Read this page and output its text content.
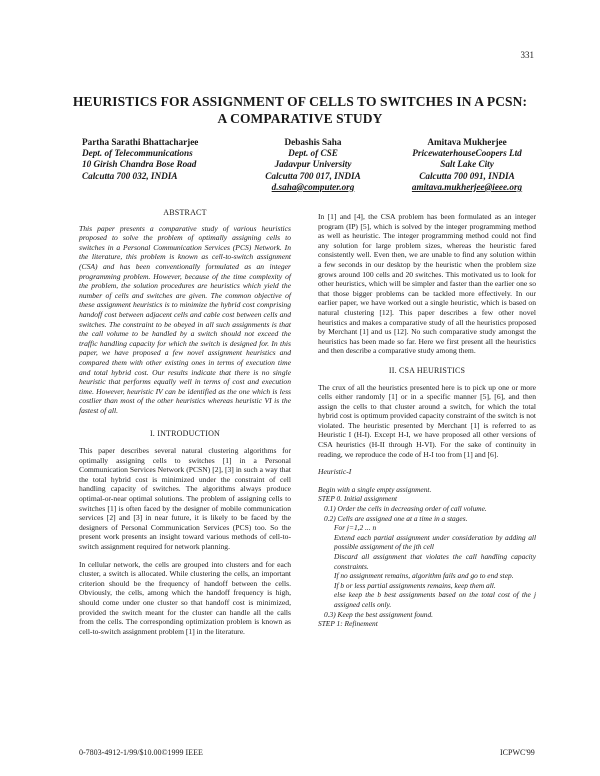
331
HEURISTICS FOR ASSIGNMENT OF CELLS TO SWITCHES IN A PCSN:
A COMPARATIVE STUDY
Partha Sarathi Bhattacharjee
Dept. of Telecommunications
10 Girish Chandra Bose Road
Calcutta 700 032, INDIA
Debashis Saha
Dept. of CSE
Jadavpur University
Calcutta 700 017, INDIA
d.saha@computer.org
Amitava Mukherjee
PricewaterhouseCoopers Ltd
Salt Lake City
Calcutta 700 091, INDIA
amitava.mukherjee@ieee.org
ABSTRACT
This paper presents a comparative study of various heuristics proposed to solve the problem of optimally assigning cells to switches in a Personal Communication Services (PCS) Network. In the literature, this problem is known as cell-to-switch assignment (CSA) and has been conventionally formulated as an integer programming problem. However, because of the time complexity of the problem, the solution procedures are heuristics which yield the number of cells and switches are given. The common objective of these assignment heuristics is to minimize the hybrid cost comprising handoff cost between adjacent cells and cable cost between cells and switches. The constraint to be obeyed in all such assignments is that the call volume to be handled by a switch should not exceed the traffic handling capacity for which the switch is designed for. In this paper, we have proposed a few novel assignment heuristics and compared them with other existing ones in terms of execution time and total hybrid cost. Our results indicate that there is no single heuristic that performs equally well in terms of cost and execution time. However, heuristic IV can be identified as the one which is less costlier than most of the other heuristics whereas heuristic VI is the fastest of all.
I. INTRODUCTION
This paper describes several natural clustering algorithms for optimally assigning cells to switches [1] in a Personal Communication Services Network (PCSN) [2], [3] in such a way that the total hybrid cost is minimized under the constraint of cell handling capacity of switches. The algorithms always produce optimal-or-near optimal solutions. The problem of assigning cells to switches [1] is often faced by the designer of mobile communication services [2] and [3] in near future, it is likely to be faced by the designers of Personal Communication Services (PCS) too. So the present work presents an insight toward various methods of cell-to-switch assignment required for network planning.
In cellular network, the cells are grouped into clusters and for each cluster, a switch is allocated. While clustering the cells, an important criterion should be the frequency of handoff between the cells. Obviously, the cells, among which the handoff frequency is high, should come under one cluster so that handoff cost is minimized, provided the switch meant for the cluster can handle all the calls from the cells. The corresponding optimization problem is known as cell-to-switch assignment problem [1] in the literature.
In [1] and [4], the CSA problem has been formulated as an integer program (IP) [5], which is solved by the integer programming method as well as heuristic. The integer programming method could not find any solution for large problem sizes, whereas the heuristic fared consistently well. Even then, we are unable to find any solution within a few seconds in our desktop by the heuristic when the problem size grows around 100 cells and 20 switches. This motivated us to look for other heuristics, which will be simpler and faster than the earlier one so that those bigger problems can be tackled more effectively. In our earlier paper, we have worked out a single heuristic, which is based on natural clustering [12]. This paper describes a few other novel heuristics and makes a comparative study of all the heuristics proposed by Merchant [1] and us [12]. No such comparative study amongst the heuristics has been made so far. Here we first present all the heuristics and then describe a comparative study among them.
II. CSA HEURISTICS
The crux of all the heuristics presented here is to pick up one or more cells either randomly [1] or in a specific manner [5], [6], and then assign the cells to that cluster around a switch, for which the total hybrid cost is optimum provided capacity constraint of the switch is not violated. The heuristic presented by Merchant [1] is referred to as Heuristic I (H-I). Except H-I, we have proposed all other versions of CSA heuristics (H-II through H-VI). For the sake of continuity in reading, we reproduce the code of H-I too from [1] and [6].
Heuristic-I
Begin with a single empty assignment.
STEP 0. Initial assignment
0.1) Order the cells in decreasing order of call volume.
0.2) Cells are assigned one at a time in a stages.
For j=1,2 ... n
Extend each partial assignment under consideration by adding all possible assignment of the jth cell
Discard all assignment that violates the call handling capacity constraints.
If no assignment remains, algorithm fails and go to end step.
If b or less partial assignments remains, keep them all.
else keep the b best assignments based on the total cost of the j assigned cells only.
0.3) Keep the best assignment found.
STEP 1: Refinement
0-7803-4912-1/99/$10.00©1999 IEEE	ICPWC'99
